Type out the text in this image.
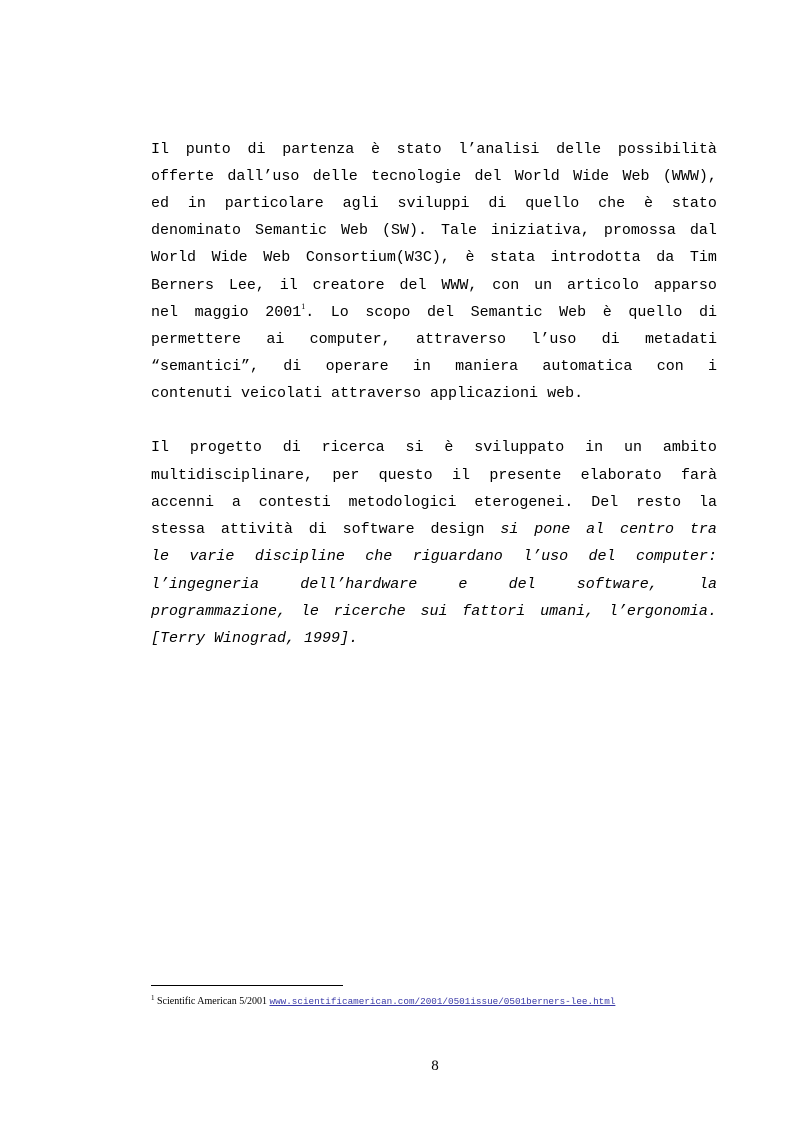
Il punto di partenza è stato l’analisi delle possibilità
offerte dall’uso delle tecnologie del World Wide Web (WWW),
ed in particolare agli sviluppi di quello che è stato
denominato Semantic Web (SW). Tale iniziativa, promossa dal
World Wide Web Consortium(W3C), è stata introdotta da Tim
Berners Lee, il creatore del WWW, con un articolo apparso
nel maggio 2001$^1$. Lo scopo del Semantic Web è quello di
permettere ai computer, attraverso l’uso di metadati
“semantici”, di operare in maniera automatica con i
contenuti veicolati attraverso applicazioni web.
Il progetto di ricerca si è sviluppato in un ambito
multidisciplinare, per questo il presente elaborato farà
accenni a contesti metodologici eterogenei. Del resto la
stessa attività di software design si pone al centro tra
le varie discipline che riguardano l’uso del computer:
l’ingegneria	dell’hardware	e	del	software,	la
programmazione, le ricerche sui fattori umani, l’ergonomia.
[Terry Winograd, 1999].
$^1$ Scientific American 5/2001 www.scientificamerican.com/2001/0501issue/0501berners-lee.html
8
